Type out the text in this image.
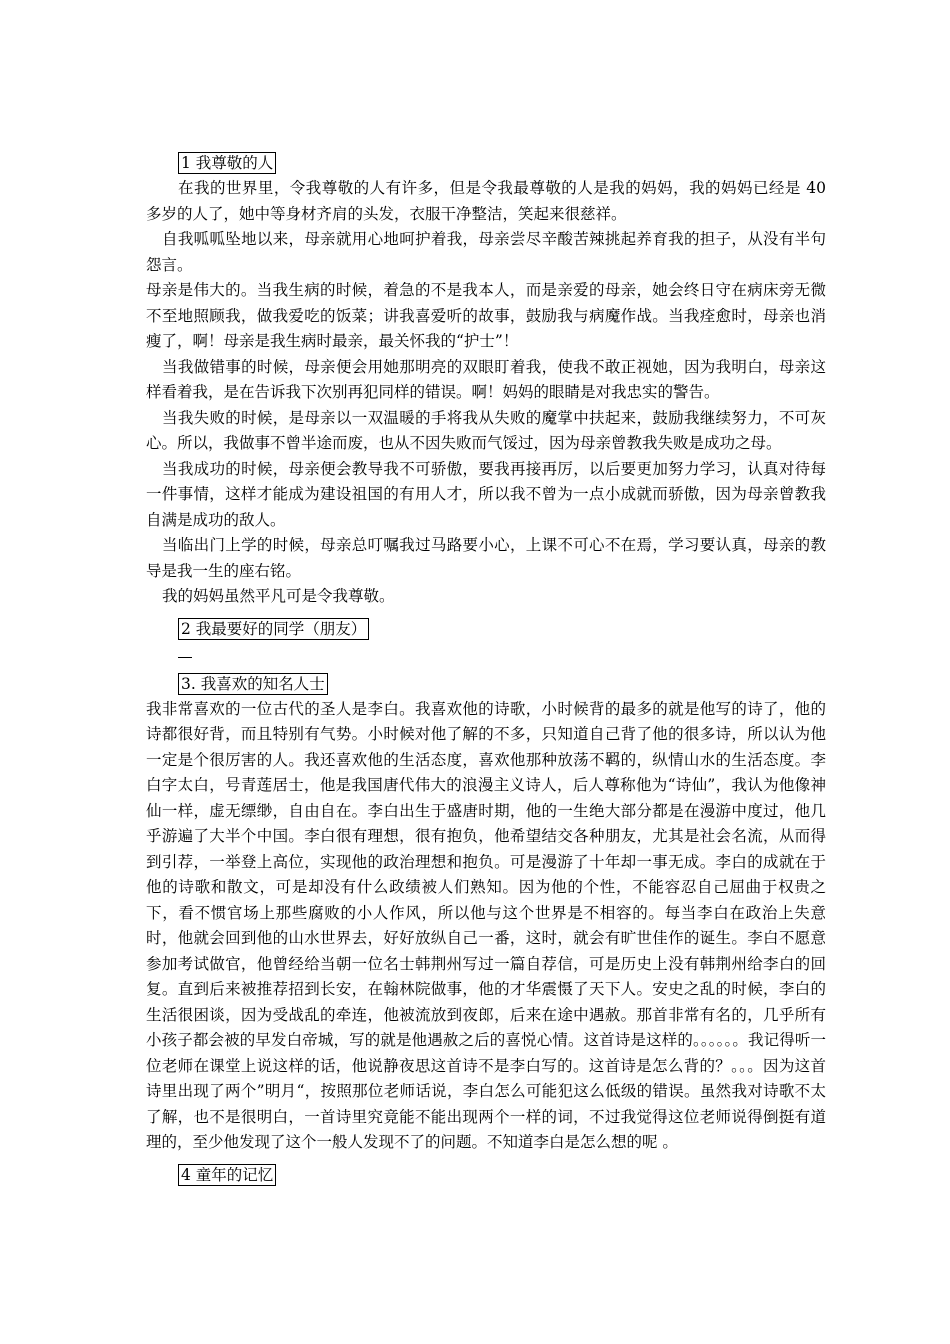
1 我尊敬的人

在我的世界里，令我尊敬的人有许多，但是令我最尊敬的人是我的妈妈，我的妈妈已经是 40 多岁的人了，她中等身材齐肩的头发，衣服干净整洁，笑起来很慈祥。

自我呱呱坠地以来，母亲就用心地呵护着我，母亲尝尽辛酸苦辣挑起养育我的担子，从没有半句怨言。

母亲是伟大的。当我生病的时候，着急的不是我本人，而是亲爱的母亲，她会终日守在病床旁无微不至地照顾我，做我爱吃的饭菜；讲我喜爱听的故事，鼓励我与病魔作战。当我痊愈时，母亲也消瘦了，啊！母亲是我生病时最亲，最关怀我的“护士”！

当我做错事的时候，母亲便会用她那明亮的双眼盯着我，使我不敢正视她，因为我明白，母亲这样看着我，是在告诉我下次别再犯同样的错误。啊！妈妈的眼睛是对我忠实的警告。

当我失败的时候，是母亲以一双温暖的手将我从失败的魔掌中扶起来，鼓励我继续努力，不可灰心。所以，我做事不曾半途而废，也从不因失败而气馁过，因为母亲曾教我失败是成功之母。

当我成功的时候，母亲便会教导我不可骄傲，要我再接再厉，以后要更加努力学习，认真对待每一件事情，这样才能成为建设祖国的有用人才，所以我不曾为一点小成就而骄傲，因为母亲曾教我自满是成功的敌人。

当临出门上学的时候，母亲总叮嘱我过马路要小心，上课不可心不在焉，学习要认真，母亲的教导是我一生的座右铭。

我的妈妈虽然平凡可是令我尊敬。

2 我最要好的同学（朋友）
3. 我喜欢的知名人士

我非常喜欢的一位古代的圣人是李白。我喜欢他的诗歌，小时候背的最多的就是他写的诗了，他的诗都很好背，而且特别有气势。小时候对他了解的不多，只知道自己背了他的很多诗，所以认为他一定是个很厉害的人。我还喜欢他的生活态度，喜欢他那种放荡不羁的，纵情山水的生活态度。李白字太白，号青莲居士，他是我国唐代伟大的浪漫主义诗人，后人尊称他为“诗仙”，我认为他像神仙一样，虚无缥缈，自由自在。李白出生于盛唐时期，他的一生绝大部分都是在漫游中度过，他几乎游遍了大半个中国。李白很有理想，很有抱负，他希望结交各种朋友，尤其是社会名流，从而得到引荐，一举登上高位，实现他的政治理想和抱负。可是漫游了十年却一事无成。李白的成就在于他的诗歌和散文，可是却没有什么政绩被人们熟知。因为他的个性，不能容忍自己屈曲于权贵之下，看不惯官场上那些腐败的小人作风，所以他与这个世界是不相容的。每当李白在政治上失意时，他就会回到他的山水世界去，好好放纵自己一番，这时，就会有旷世佳作的诞生。李白不愿意参加考试做官，他曾经给当朝一位名士韩荆州写过一篇自荐信，可是历史上没有韩荆州给李白的回复。直到后来被推荐招到长安，在翰林院做事，他的才华震慑了天下人。安史之乱的时候，李白的生活很困谈，因为受战乱的牵连，他被流放到夜郎，后来在途中遇赦。那首非常有名的，几乎所有小孩子都会被的早发白帝城，写的就是他遇赦之后的喜悦心情。这首诗是这样的。。。。。。我记得听一位老师在课堂上说这样的话，他说静夜思这首诗不是李白写的。这首诗是怎么背的？。。。因为这首诗里出现了两个”明月“，按照那位老师话说，李白怎么可能犯这么低级的错误。虽然我对诗歌不太了解，也不是很明白，一首诗里究竟能不能出现两个一样的词，不过我觉得这位老师说得倒挺有道理的，至少他发现了这个一般人发现不了的问题。不知道李白是怎么想的呢 。

4 童年的记忆
